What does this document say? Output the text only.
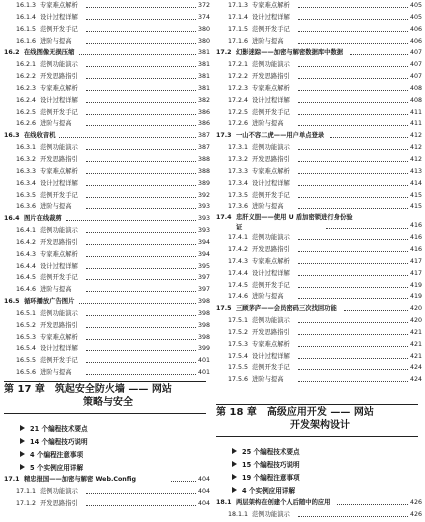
16.1.3 专家难点解析	372
16.1.4 设计过程详解	374
16.1.5 范例开发手记	380
16.1.6 进阶与提高	380
16.2 在线图像无损压缩	381
16.2.1 范例功能演示	381
16.2.2 开发思路指引	381
16.2.3 专家难点解析	381
16.2.4 设计过程详解	382
16.2.5 范例开发手记	386
16.2.6 进阶与提高	386
16.3 在线收音机	387
16.3.1 范例功能演示	387
16.3.2 开发思路指引	388
16.3.3 专家难点解析	388
16.3.4 设计过程详解	389
16.3.5 范例开发手记	392
16.3.6 进阶与提高	393
16.4 图片在线裁剪	393
16.4.1 范例功能演示	393
16.4.2 开发思路指引	394
16.4.3 专家难点解析	394
16.4.4 设计过程详解	395
16.4.5 范例开发手记	397
16.4.6 进阶与提高	397
16.5 循环播放广告图片	398
16.5.1 范例功能演示	398
16.5.2 开发思路指引	398
16.5.3 专家难点解析	398
16.5.4 设计过程详解	399
16.5.5 范例开发手记	401
16.5.6 进阶与提高	401
第 17 章　筑起安全防火墙 —— 网站
策略与安全
21 个编程技术要点
14 个编程技巧说明
4 个编程注意事项
5 个实例应用详解
17.1 精忠报国——加密与解密 Web.Config	404
17.1.1 范例功能演示	404
17.1.2 开发思路指引	404
17.1.3 专家难点解析	405
17.1.4 设计过程详解	405
17.1.5 范例开发手记	406
17.1.6 进阶与提高	406
17.2 幻影迷踪——加密与解密数据库中数据	407
17.2.1 范例功能演示	407
17.2.2 开发思路指引	407
17.2.3 专家难点解析	408
17.2.4 设计过程详解	408
17.2.5 范例开发手记	411
17.2.6 进阶与提高	411
17.3 一山不容二虎——用户单点登录	412
17.3.1 范例功能演示	412
17.3.2 开发思路指引	412
17.3.3 专家难点解析	413
17.3.4 设计过程详解	414
17.3.5 范例开发手记	415
17.3.6 进阶与提高	415
17.4 忠肝义胆——使用 U 盾加密锁进行身份验证	416
17.4.1 范例功能演示	416
17.4.2 开发思路指引	416
17.4.3 专家难点解析	417
17.4.4 设计过程详解	417
17.4.5 范例开发手记	419
17.4.6 进阶与提高	419
17.5 三顾茅庐——会员密码三次找回功能	420
17.5.1 范例功能演示	420
17.5.2 开发思路指引	421
17.5.3 专家难点解析	421
17.5.4 设计过程详解	421
17.5.5 范例开发手记	424
17.5.6 进阶与提高	424
第 18 章　高级应用开发 —— 网站
开发架构设计
25 个编程技术要点
15 个编程技巧说明
19 个编程注意事项
4 个实例应用详解
18.1 两层架构在创建个人后随中的应用	426
18.1.1 范例功能演示	426
